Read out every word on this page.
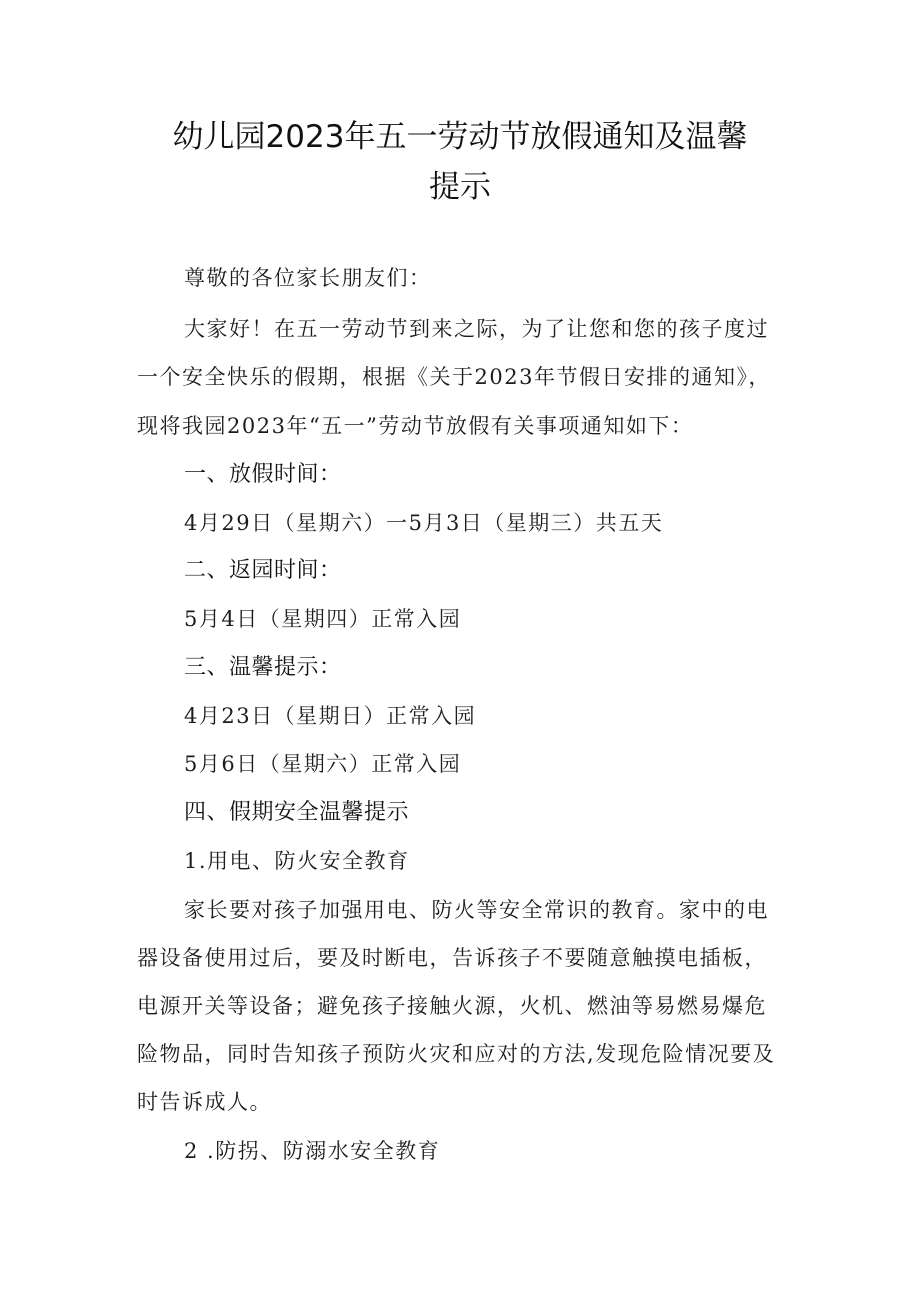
幼儿园2023年五一劳动节放假通知及温馨
提示
尊敬的各位家长朋友们：
大家好！在五一劳动节到来之际，为了让您和您的孩子度过
一个安全快乐的假期，根据《关于2023年节假日安排的通知》，
现将我园2023年“五一”劳动节放假有关事项通知如下：
一、放假时间：
4月29日（星期六）一5月3日（星期三）共五天
二、返园时间：
5月4日（星期四）正常入园
三、温馨提示：
4月23日（星期日）正常入园
5月6日（星期六）正常入园
四、假期安全温馨提示
1.用电、防火安全教育
家长要对孩子加强用电、防火等安全常识的教育。家中的电
器设备使用过后，要及时断电，告诉孩子不要随意触摸电插板，
电源开关等设备；避免孩子接触火源，火机、燃油等易燃易爆危
险物品，同时告知孩子预防火灾和应对的方法,发现危险情况要及
时告诉成人。
2 .防拐、防溺水安全教育
